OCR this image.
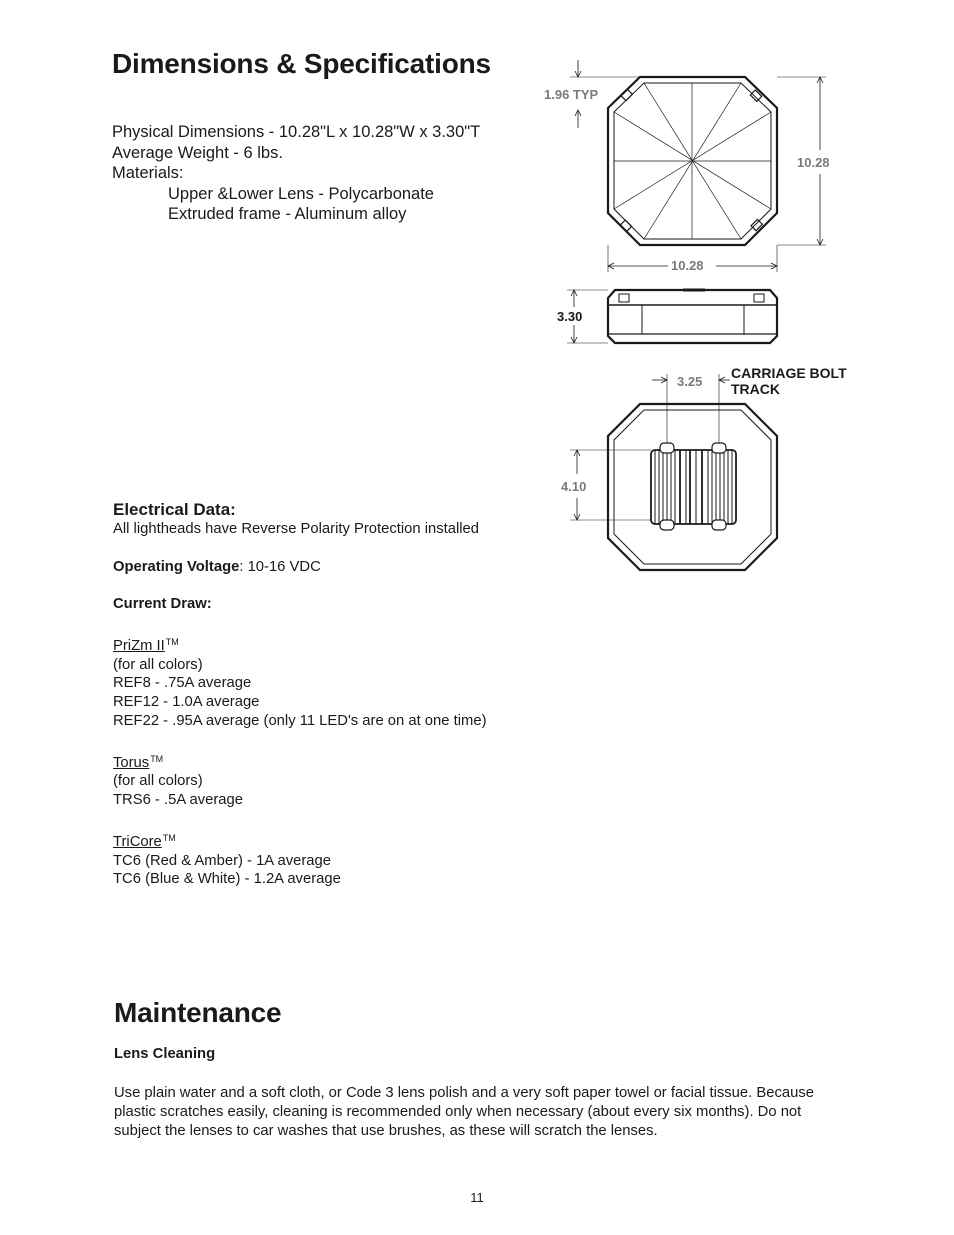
Dimensions & Specifications
Physical Dimensions - 10.28"L x 10.28"W x 3.30"T
Average Weight - 6 lbs.
Materials:
Upper &Lower Lens - Polycarbonate
Extruded frame - Aluminum alloy
1.96 TYP
10.28
10.28
3.25
4.10
3.30
CARRIAGE BOLT
TRACK
Electrical Data:
All lightheads have Reverse Polarity Protection installed
Operating Voltage: 10-16 VDC
Current Draw:
PriZm II™
(for all colors)
REF8 - .75A average
REF12 - 1.0A average
REF22 - .95A average (only 11 LED's are on at one time)
Torus™
(for all colors)
TRS6 - .5A average
TriCore™
TC6 (Red & Amber) - 1A average
TC6 (Blue & White) - 1.2A average
Maintenance
Lens Cleaning
Use plain water and a soft cloth, or Code 3 lens polish and a very soft paper towel or facial tissue. Because
plastic scratches easily, cleaning is recommended only when necessary (about every six months). Do not
subject the lenses to car washes that use brushes, as these will scratch the lenses.
11
